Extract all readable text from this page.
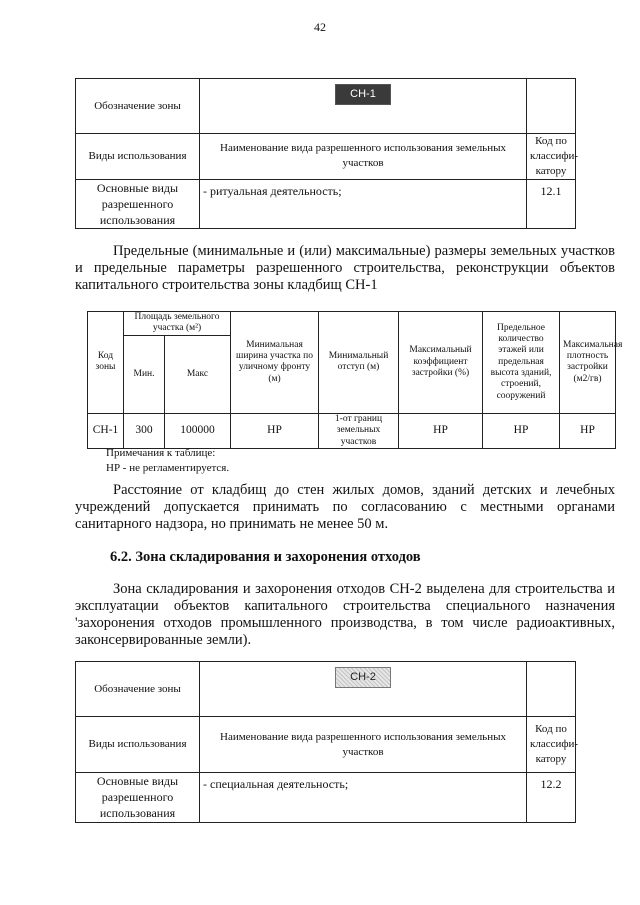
42
Обозначение зоны	СН-1	
Виды использования	Наименование вида разрешенного использования земельных участков	Код по классифи-катору
Основные виды разрешенного использования	- ритуальная деятельность;	12.1
Предельные (минимальные и (или) максимальные) размеры земельных участков и предельные параметры разрешенного строительства, реконструкции объектов капитального строительства зоны кладбищ СН-1
Код зоны	Площадь земельного участка (м²)		Минимальная ширина участка по уличному фронту (м)	Минимальный отступ (м)	Максимальный коэффициент застройки (%)	Предельное количество этажей или предельная высота зданий, строений, сооружений	Максимальная плотность застройки (м2/гв)
	Мин.	Макс					
СН-1	300	100000	НР	1-от границ земельных участков	НР	НР	НР
Примечания к таблице:
НР - не регламентируется.
Расстояние от кладбищ до стен жилых домов, зданий детских и лечебных учреждений допускается принимать по согласованию с местными органами санитарного надзора, но принимать не менее 50 м.
6.2. Зона складирования и захоронения отходов
Зона складирования и захоронения отходов СН-2 выделена для строительства и эксплуатации объектов капитального строительства специального назначения 'захоронения отходов промышленного производства, в том числе радиоактивных, законсервированные земли).
Обозначение зоны	СН-2	
Виды использования	Наименование вида разрешенного использования земельных участков	Код по классифи-катору
Основные виды разрешенного использования	- специальная деятельность;	12.2
